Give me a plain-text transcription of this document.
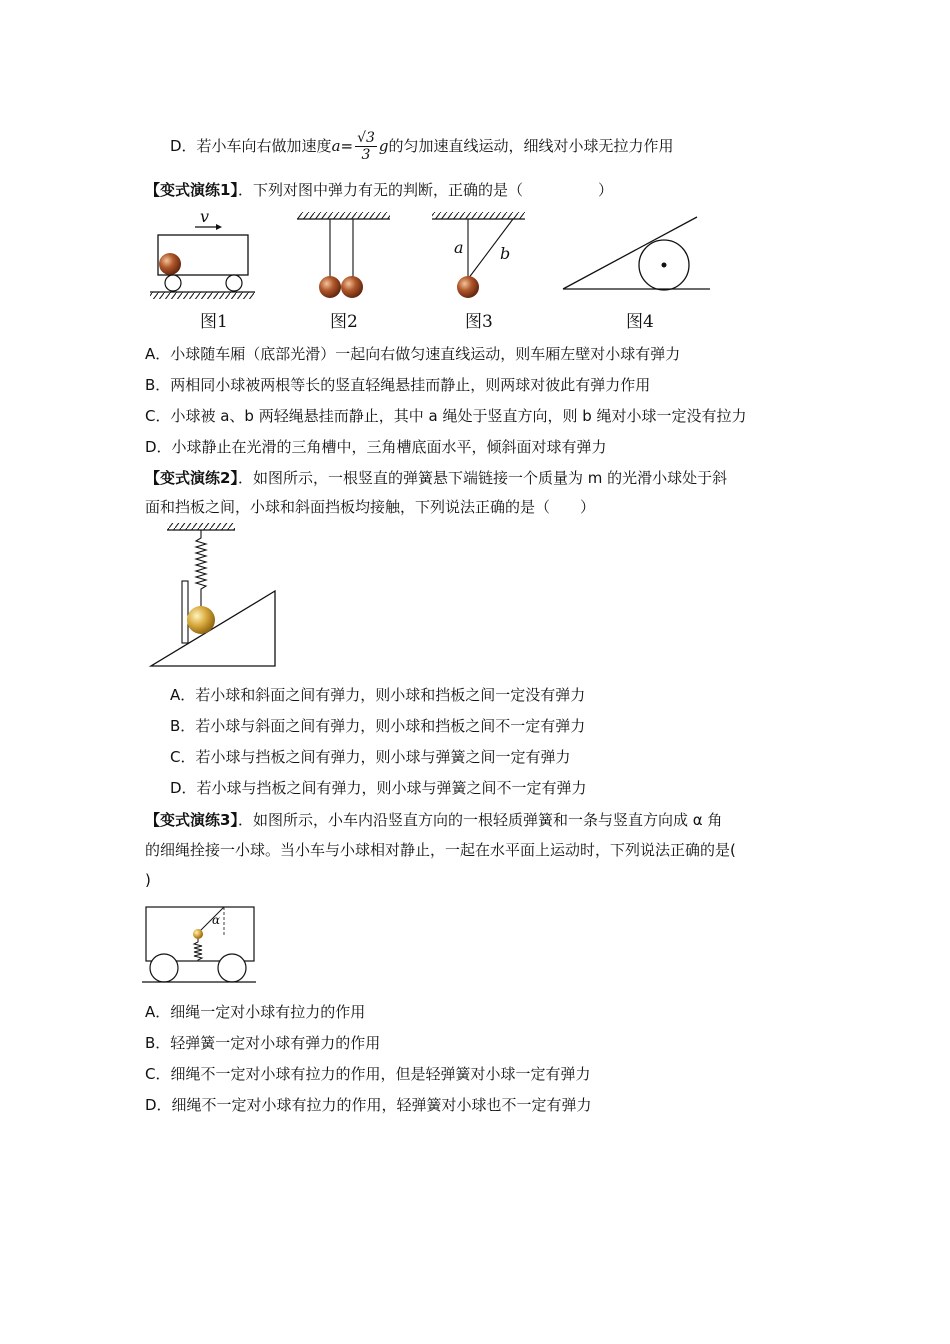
D．若小车向右做加速度$a= \frac{√3}{3}$ g的匀加速直线运动，细线对小球无拉力作用
【变式演练1】．下列对图中弹力有无的判断，正确的是（　　　　　）
v
a b
图1	图2	图3	图4
A．小球随车厢（底部光滑）一起向右做匀速直线运动，则车厢左壁对小球有弹力
B．两相同小球被两根等长的竖直轻绳悬挂而静止，则两球对彼此有弹力作用
C．小球被 a、b 两轻绳悬挂而静止，其中 a 绳处于竖直方向，则 b 绳对小球一定没有拉力
D．小球静止在光滑的三角槽中，三角槽底面水平，倾斜面对球有弹力
【变式演练2】．如图所示，一根竖直的弹簧悬下端链接一个质量为 m 的光滑小球处于斜
面和挡板之间，小球和斜面挡板均接触，下列说法正确的是（　　）
A．若小球和斜面之间有弹力，则小球和挡板之间一定没有弹力
B．若小球与斜面之间有弹力，则小球和挡板之间不一定有弹力
C．若小球与挡板之间有弹力，则小球与弹簧之间一定有弹力
D．若小球与挡板之间有弹力，则小球与弹簧之间不一定有弹力
【变式演练3】．如图所示，小车内沿竖直方向的一根轻质弹簧和一条与竖直方向成 α 角
的细绳拴接一小球。当小车与小球相对静止，一起在水平面上运动时，下列说法正确的是(
)
α
A．细绳一定对小球有拉力的作用
B．轻弹簧一定对小球有弹力的作用
C．细绳不一定对小球有拉力的作用，但是轻弹簧对小球一定有弹力
D．细绳不一定对小球有拉力的作用，轻弹簧对小球也不一定有弹力
